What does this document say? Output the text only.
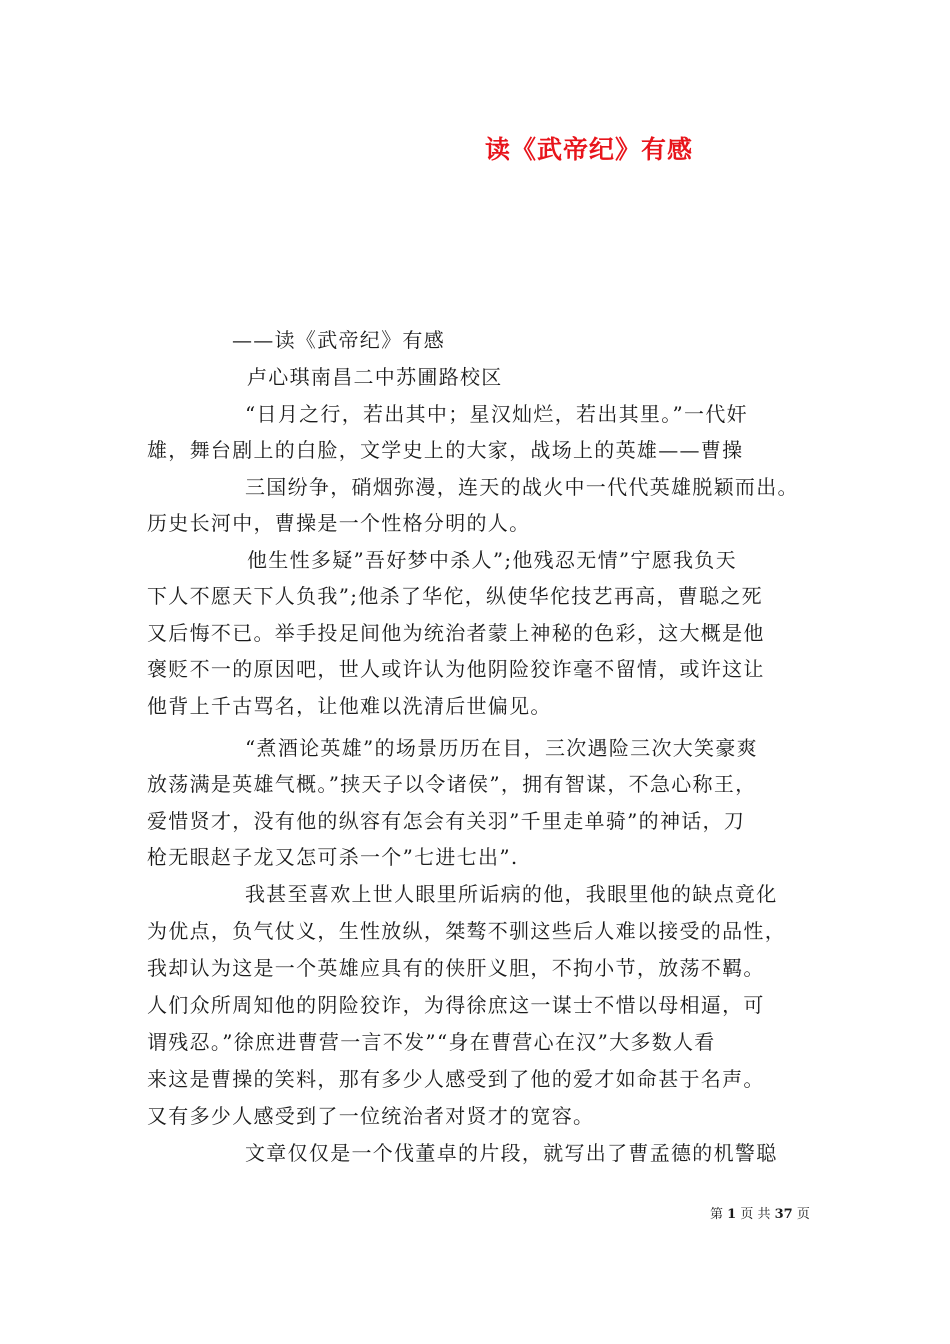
读《武帝纪》有感
——读《武帝纪》有感
卢心琪南昌二中苏圃路校区
“日月之行，若出其中；星汉灿烂，若出其里。”一代奸
雄，舞台剧上的白脸，文学史上的大家，战场上的英雄——曹操
三国纷争，硝烟弥漫，连天的战火中一代代英雄脱颖而出。
历史长河中，曹操是一个性格分明的人。
他生性多疑”吾好梦中杀人”;他残忍无情”宁愿我负天
下人不愿天下人负我”;他杀了华佗，纵使华佗技艺再高，曹聪之死
又后悔不已。举手投足间他为统治者蒙上神秘的色彩，这大概是他
褒贬不一的原因吧，世人或许认为他阴险狡诈毫不留情，或许这让
他背上千古骂名，让他难以洗清后世偏见。
“煮酒论英雄”的场景历历在目，三次遇险三次大笑豪爽
放荡满是英雄气概。”挟天子以令诸侯”，拥有智谋，不急心称王，
爱惜贤才，没有他的纵容有怎会有关羽”千里走单骑”的神话，刀
枪无眼赵子龙又怎可杀一个”七进七出”.
我甚至喜欢上世人眼里所诟病的他，我眼里他的缺点竟化
为优点，负气仗义，生性放纵，桀骜不驯这些后人难以接受的品性，
我却认为这是一个英雄应具有的侠肝义胆，不拘小节，放荡不羁。
人们众所周知他的阴险狡诈，为得徐庶这一谋士不惜以母相逼，可
谓残忍。”徐庶进曹营一言不发”“身在曹营心在汉”大多数人看
来这是曹操的笑料，那有多少人感受到了他的爱才如命甚于名声。
又有多少人感受到了一位统治者对贤才的宽容。
文章仅仅是一个伐董卓的片段，就写出了曹孟德的机警聪
第 1 页 共 37 页
